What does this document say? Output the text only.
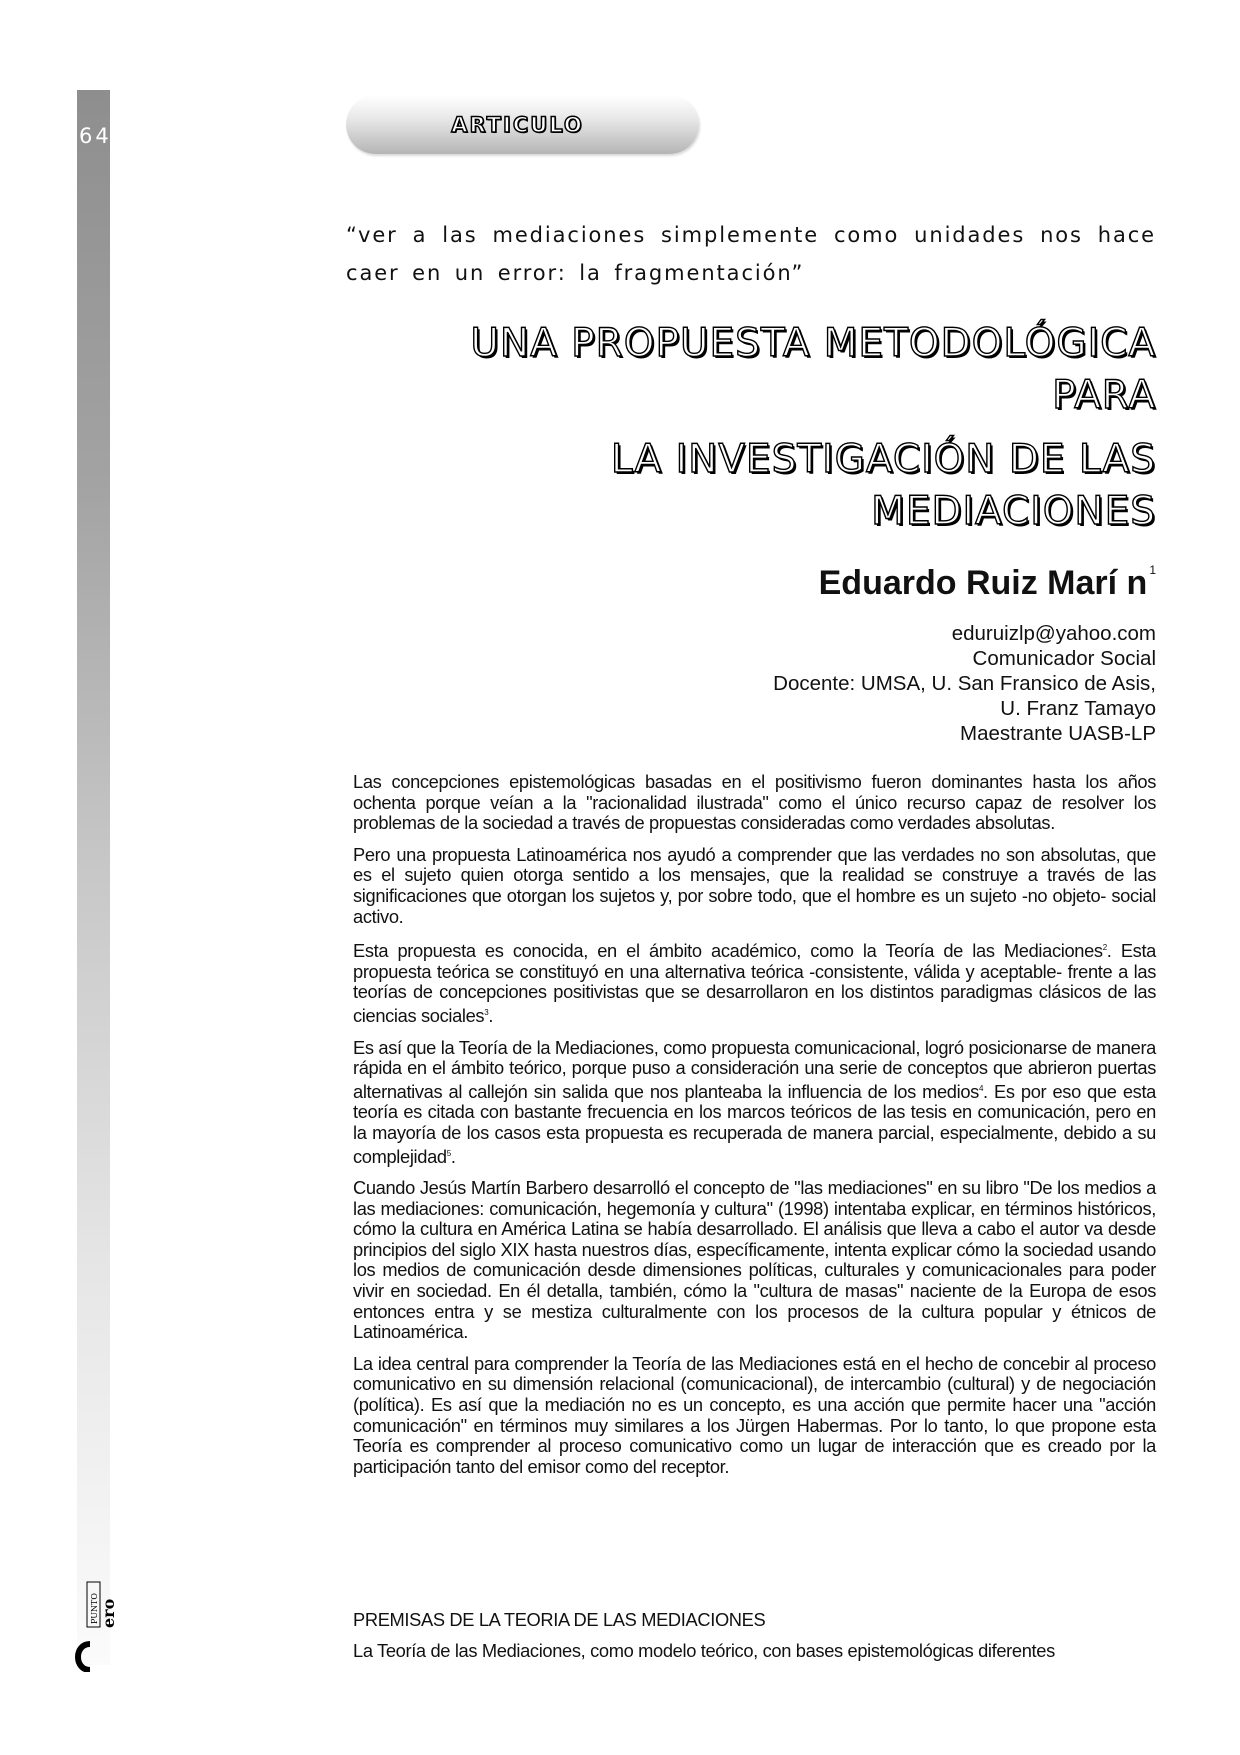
64	ARTICULO
“ver a las mediaciones simplemente como unidades nos hace caer en un error: la fragmentación”
UNA PROPUESTA METODOLÓGICA
PARA
LA INVESTIGACIÓN DE LAS
MEDIACIONES
Eduardo Ruiz Marí n $^1$
eduruizlp@yahoo.com
Comunicador Social
Docente: UMSA, U. San Fransico de Asis,
U. Franz Tamayo
Maestrante UASB-LP

Las concepciones epistemológicas basadas en el positivismo fueron dominantes hasta los años ochenta porque veían a la "racionalidad ilustrada" como el único recurso capaz de resolver los problemas de la sociedad a través de propuestas consideradas como verdades absolutas.

Pero una propuesta Latinoamérica nos ayudó a comprender que las verdades no son absolutas, que es el sujeto quien otorga sentido a los mensajes, que la realidad se construye a través de las significaciones que otorgan los sujetos y, por sobre todo, que el hombre es un sujeto -no objeto- social activo.

Esta propuesta es conocida, en el ámbito académico, como la Teoría de las Mediaciones$^2$. Esta propuesta teórica se constituyó en una alternativa teórica -consistente, válida y aceptable- frente a las teorías de concepciones positivistas que se desarrollaron en los distintos paradigmas clásicos de las ciencias sociales$^3$.

Es así que la Teoría de la Mediaciones, como propuesta comunicacional, logró posicionarse de manera rápida en el ámbito teórico, porque puso a consideración una serie de conceptos que abrieron puertas alternativas al callejón sin salida que nos planteaba la influencia de los medios$^4$. Es por eso que esta teoría es citada con bastante frecuencia en los marcos teóricos de las tesis en comunicación, pero en la mayoría de los casos esta propuesta es recuperada de manera parcial, especialmente, debido a su complejidad$^5$.

Cuando Jesús Martín Barbero desarrolló el concepto de "las mediaciones" en su libro "De los medios a las mediaciones: comunicación, hegemonía y cultura" (1998) intentaba explicar, en términos históricos, cómo la cultura en América Latina se había desarrollado. El análisis que lleva a cabo el autor va desde principios del siglo XIX hasta nuestros días, específicamente, intenta explicar cómo la sociedad usando los medios de comunicación desde dimensiones políticas, culturales y comunicacionales para poder vivir en sociedad. En él detalla, también, cómo la "cultura de masas" naciente de la Europa de esos entonces entra y se mestiza culturalmente con los procesos de la cultura popular y étnicos de Latinoamérica.

La idea central para comprender la Teoría de las Mediaciones está en el hecho de concebir al proceso comunicativo en su dimensión relacional (comunicacional), de intercambio (cultural) y de negociación (política). Es así que la mediación no es un concepto, es una acción que permite hacer una "acción comunicación" en términos muy similares a los Jürgen Habermas. Por lo tanto, lo que propone esta Teoría es comprender al proceso comunicativo como un lugar de interacción que es creado por la participación tanto del emisor como del receptor.

PREMISAS DE LA TEORIA DE LAS MEDIACIONES
La Teoría de las Mediaciones, como modelo teórico, con bases epistemológicas diferentes
PUNTO ero
